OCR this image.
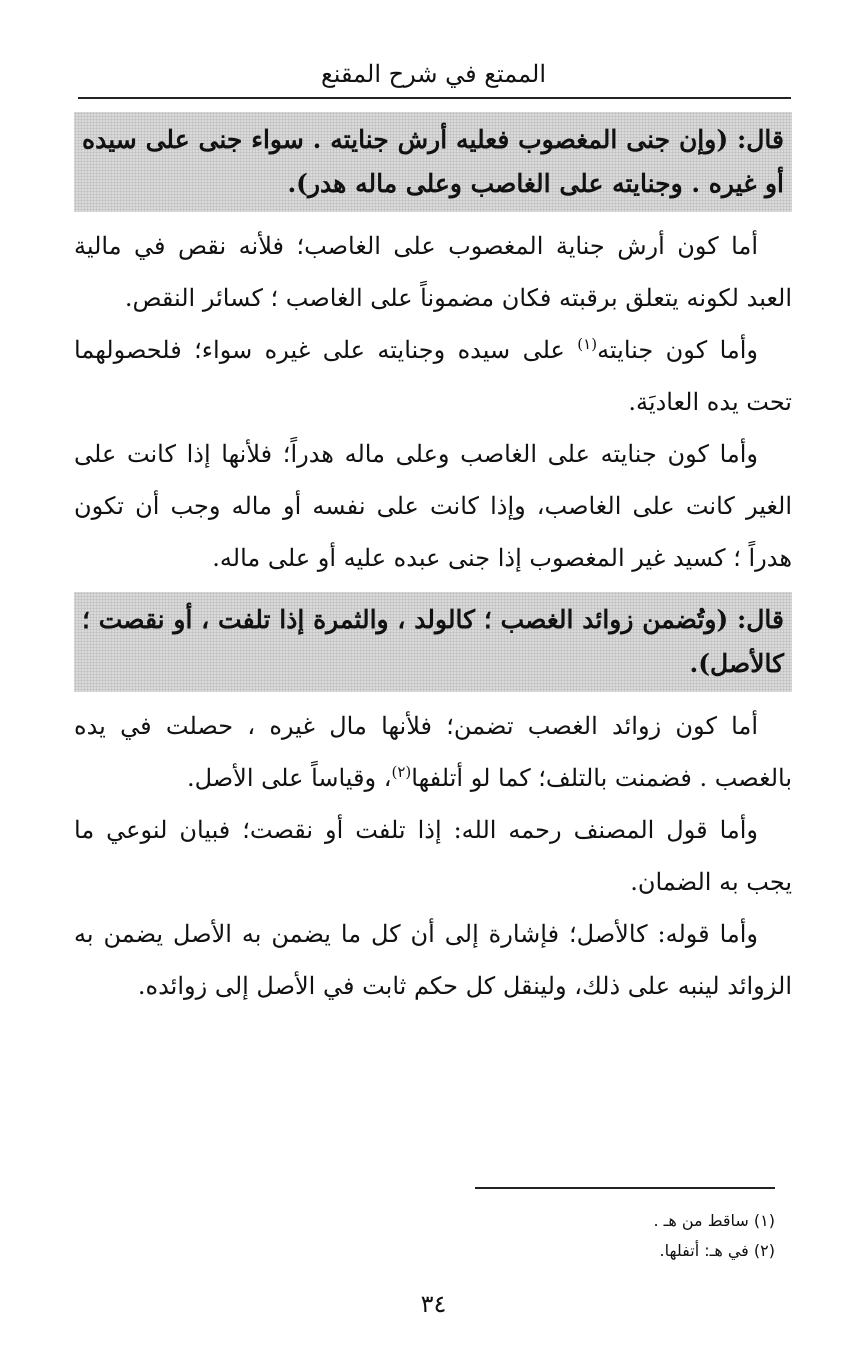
الممتع في شرح المقنع
قال: (وإن جنى المغصوب فعليه أرش جنايته . سواء جنى على سيده أو غيره . وجنايته على الغاصب وعلى ماله هدر).

أما كون أرش جناية المغصوب على الغاصب؛ فلأنه نقص في مالية العبد لكونه يتعلق برقبته فكان مضموناً على الغاصب ؛ كسائر النقص.

وأما كون جنايته$^{(١)}$ على سيده وجنايته على غيره سواء؛ فلحصولهما تحت يده العاديَة.

وأما كون جنايته على الغاصب وعلى ماله هدراً؛ فلأنها إذا كانت على الغير كانت على الغاصب، وإذا كانت على نفسه أو ماله وجب أن تكون هدراً ؛ كسيد غير المغصوب إذا جنى عبده عليه أو على ماله.

قال: (وتُضمن زوائد الغصب ؛ كالولد ، والثمرة إذا تلفت ، أو نقصت ؛ كالأصل).

أما كون زوائد الغصب تضمن؛ فلأنها مال غيره ، حصلت في يده بالغصب . فضمنت بالتلف؛ كما لو أتلفها$^{(٢)}$، وقياساً على الأصل.

وأما قول المصنف رحمه الله: إذا تلفت أو نقصت؛ فبيان لنوعي ما يجب به الضمان.

وأما قوله: كالأصل؛ فإشارة إلى أن كل ما يضمن به الأصل يضمن به الزوائد لينبه على ذلك، ولينقل كل حكم ثابت في الأصل إلى زوائده.

(١) ساقط من هـ .
(٢) في هـ: أتفلها.
٣٤
